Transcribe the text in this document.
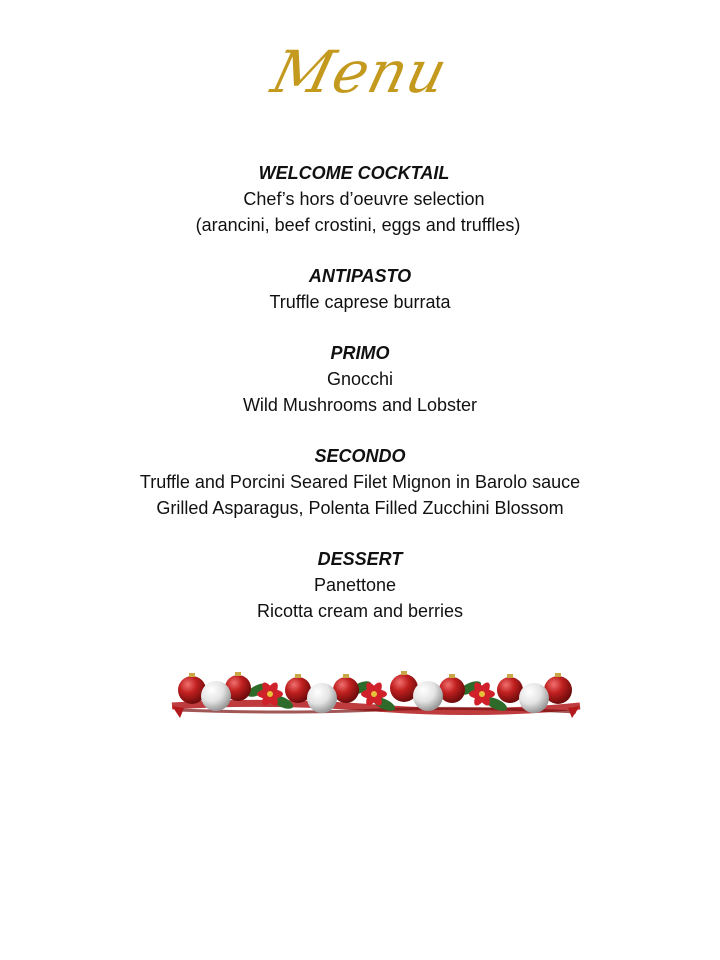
Menu
WELCOME COCKTAIL
Chef’s hors d’oeuvre selection
(arancini, beef crostini, eggs and truffles)
ANTIPASTO
Truffle caprese burrata
PRIMO
Gnocchi
Wild Mushrooms and Lobster
SECONDO
Truffle and Porcini Seared Filet Mignon in Barolo sauce
Grilled Asparagus, Polenta Filled Zucchini Blossom
DESSERT
Panettone
Ricotta cream and berries
